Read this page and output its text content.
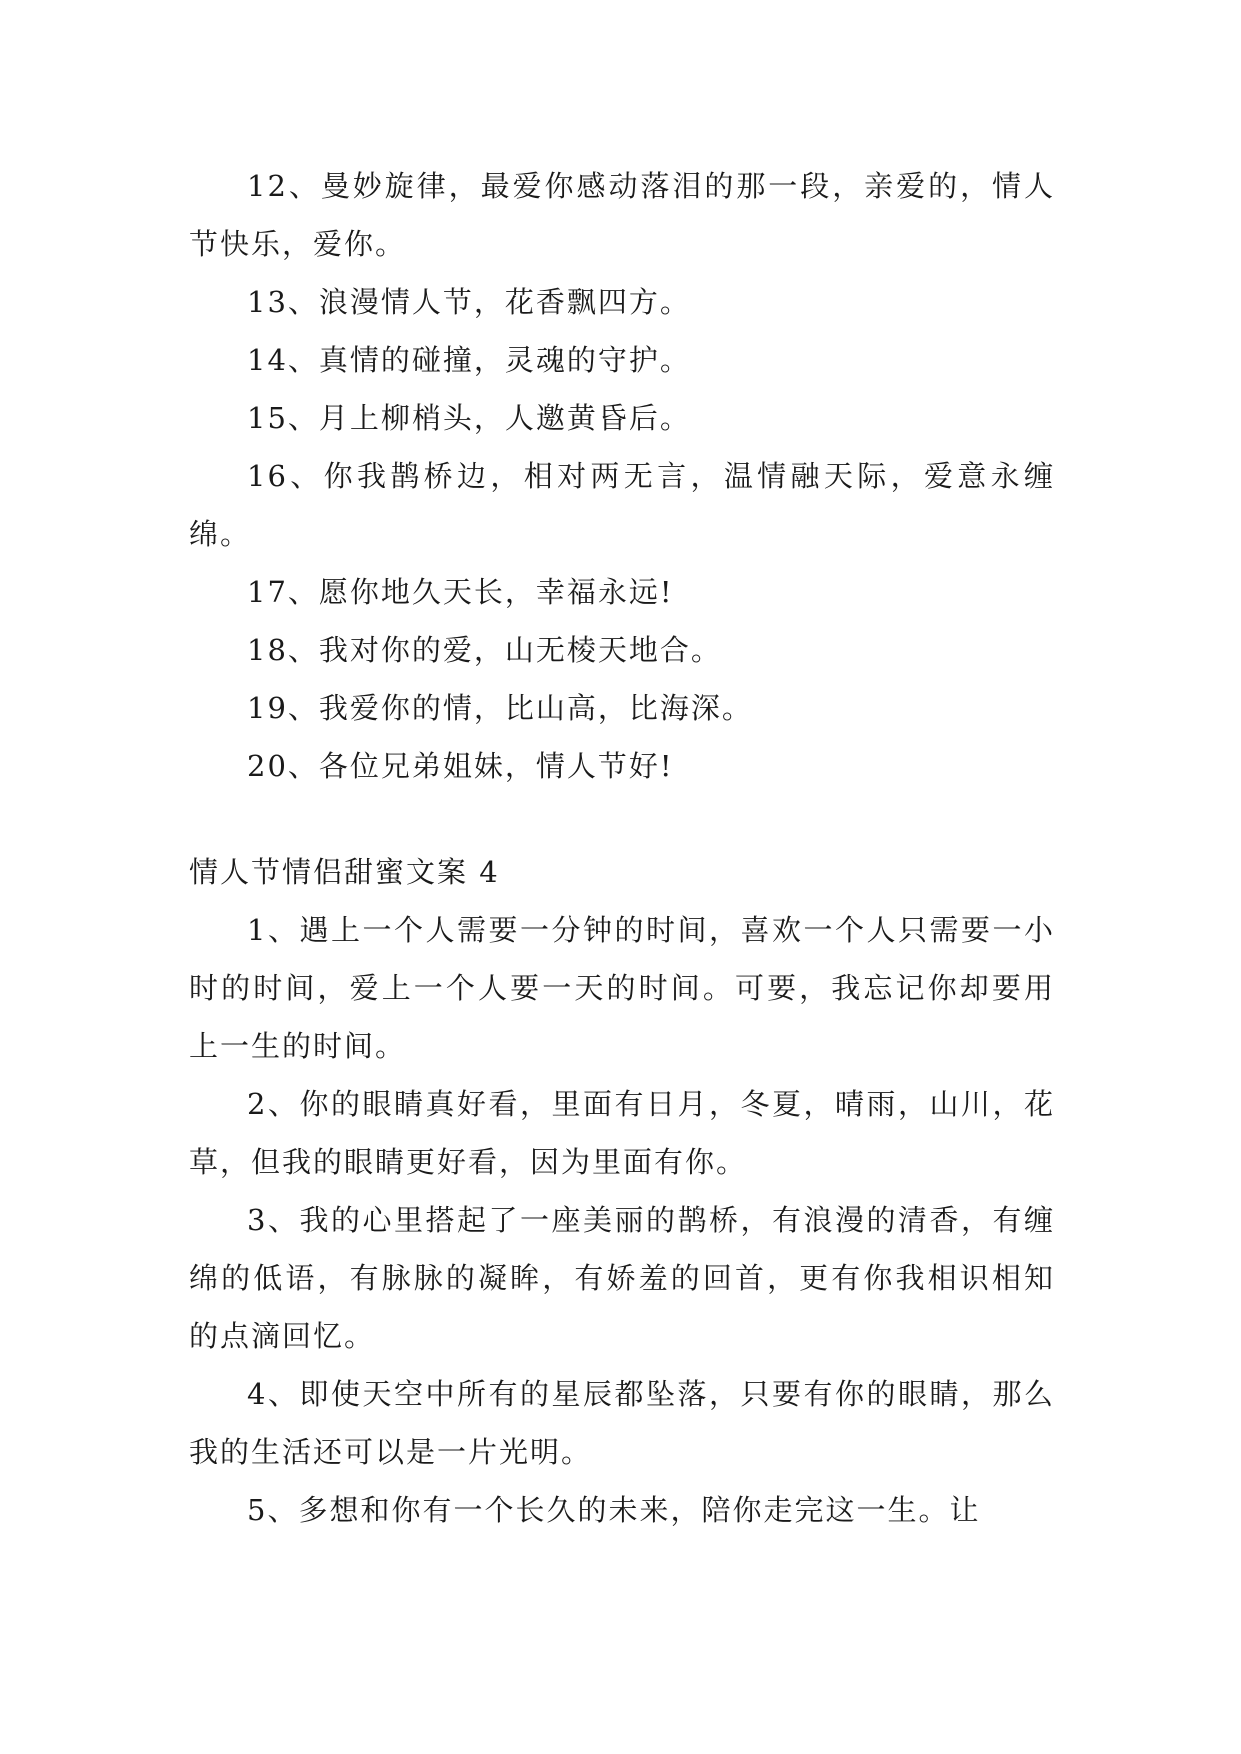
12、曼妙旋律，最爱你感动落泪的那一段，亲爱的，情人节快乐，爱你。

13、浪漫情人节，花香飘四方。

14、真情的碰撞，灵魂的守护。

15、月上柳梢头，人邀黄昏后。

16、你我鹊桥边，相对两无言，温情融天际，爱意永缠绵。

17、愿你地久天长，幸福永远!

18、我对你的爱，山无棱天地合。

19、我爱你的情，比山高，比海深。

20、各位兄弟姐妹，情人节好!

情人节情侣甜蜜文案 4

1、遇上一个人需要一分钟的时间，喜欢一个人只需要一小时的时间，爱上一个人要一天的时间。可要，我忘记你却要用上一生的时间。

2、你的眼睛真好看，里面有日月，冬夏，晴雨，山川，花草，但我的眼睛更好看，因为里面有你。

3、我的心里搭起了一座美丽的鹊桥，有浪漫的清香，有缠绵的低语，有脉脉的凝眸，有娇羞的回首，更有你我相识相知的点滴回忆。

4、即使天空中所有的星辰都坠落，只要有你的眼睛，那么我的生活还可以是一片光明。

5、多想和你有一个长久的未来，陪你走完这一生。让
